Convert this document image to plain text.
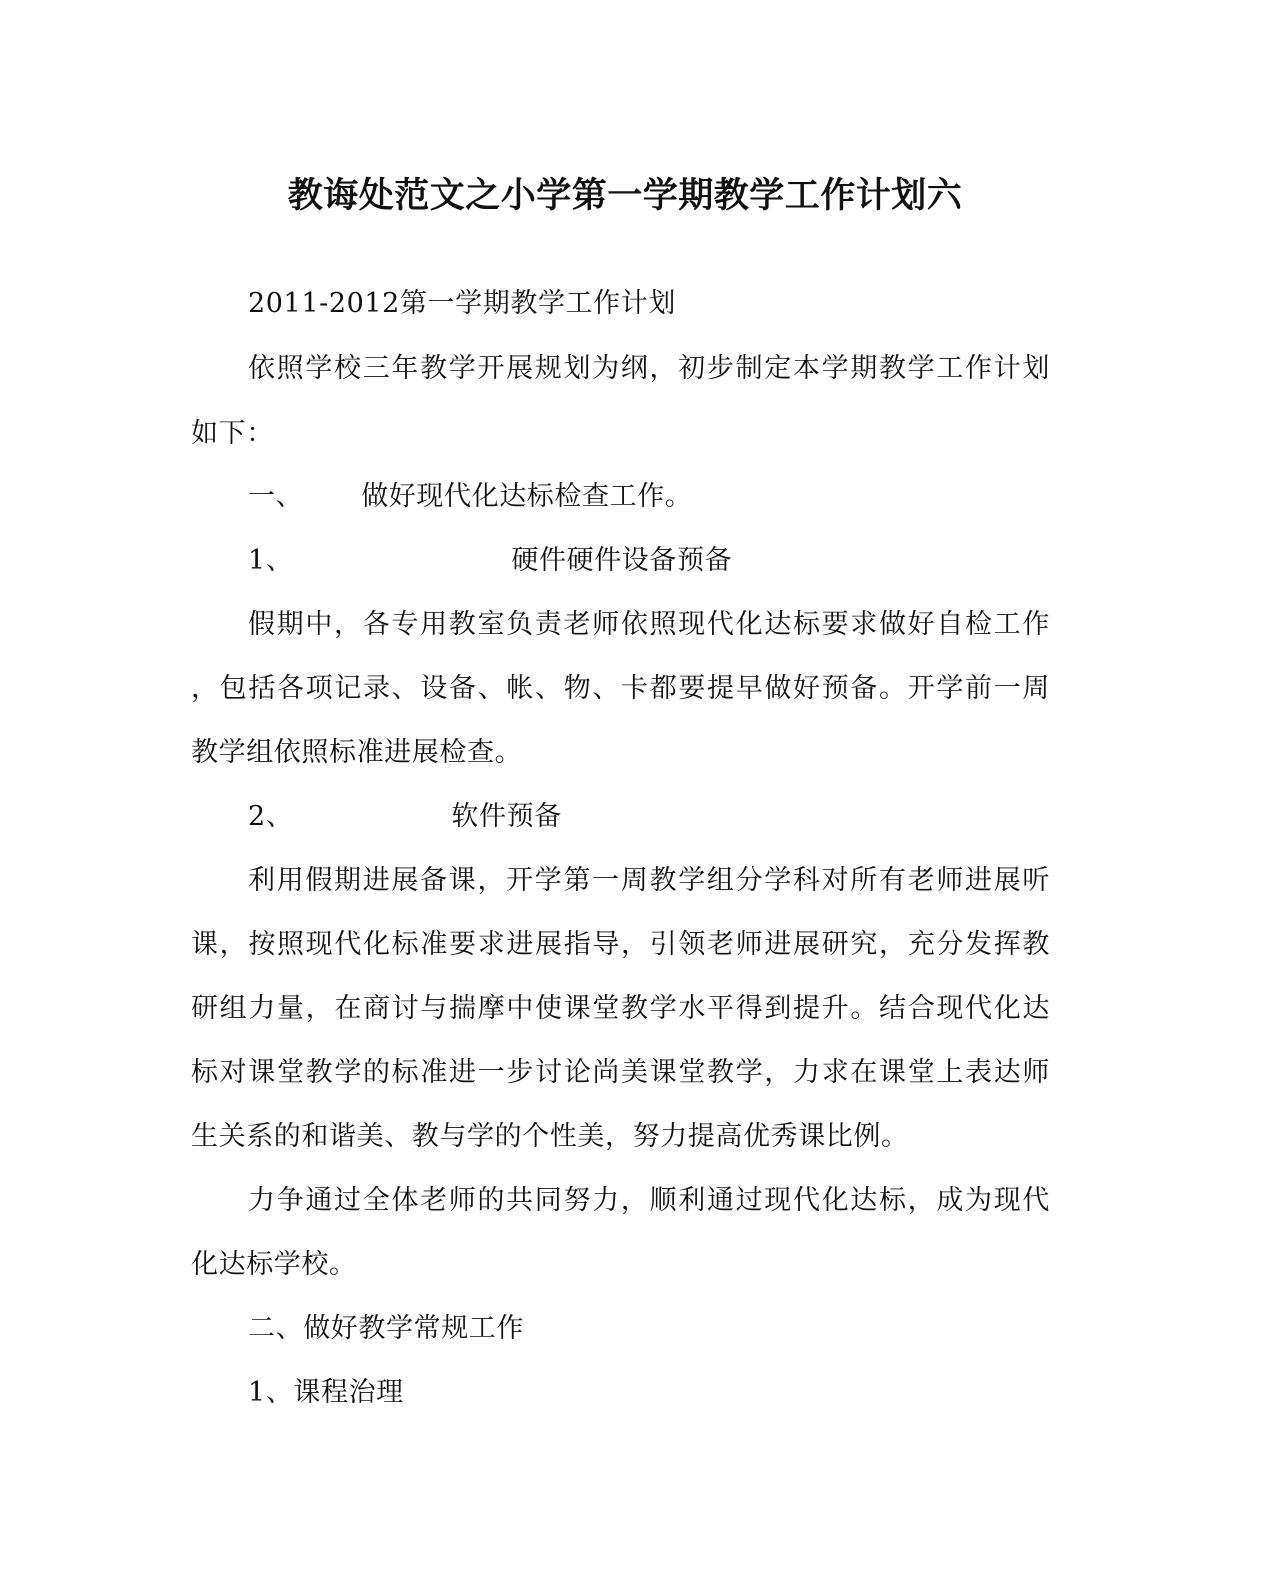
教诲处范文之小学第一学期教学工作计划六
2011-2012第一学期教学工作计划
依照学校三年教学开展规划为纲，初步制定本学期教学工作计划
如下：
一、 做好现代化达标检查工作。
1、	硬件硬件设备预备
假期中，各专用教室负责老师依照现代化达标要求做好自检工作
，包括各项记录、设备、帐、物、卡都要提早做好预备。开学前一周
教学组依照标准进展检查。
2、	软件预备
利用假期进展备课，开学第一周教学组分学科对所有老师进展听
课，按照现代化标准要求进展指导，引领老师进展研究，充分发挥教
研组力量，在商讨与揣摩中使课堂教学水平得到提升。结合现代化达
标对课堂教学的标准进一步讨论尚美课堂教学，力求在课堂上表达师
生关系的和谐美、教与学的个性美，努力提高优秀课比例。
力争通过全体老师的共同努力，顺利通过现代化达标，成为现代
化达标学校。
二、做好教学常规工作
1、课程治理
